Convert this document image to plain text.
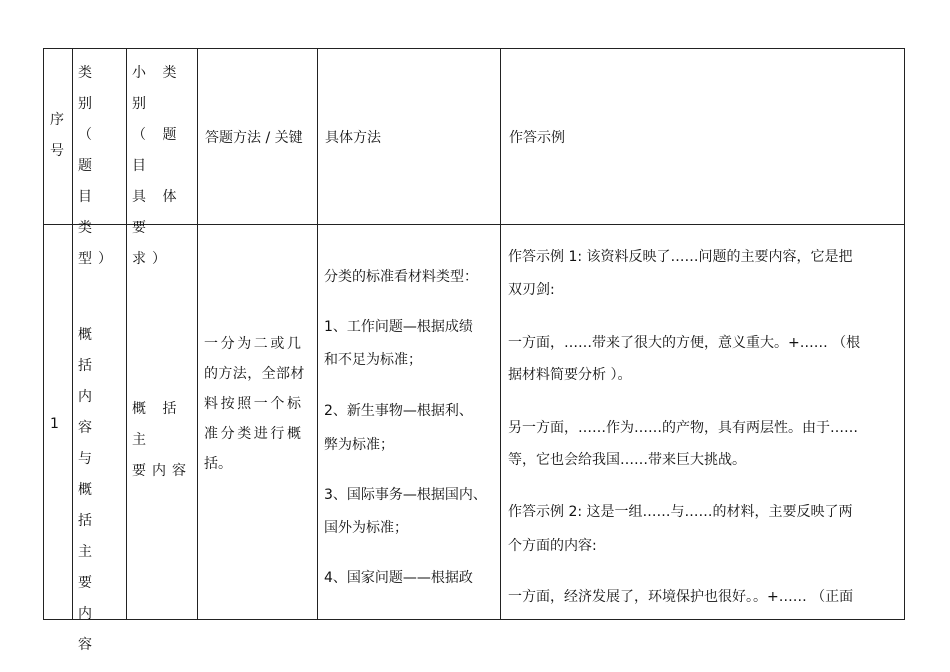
序
号
类 别
（ 题
目 类
型）
小 类 别
（ 题 目
具 体 要
求）
答题方法 / 关键 具体方法	作答示例
1
概 括
内 容
与 概
括 主
要 内
容
概 括 主
要内容
一分为二或几
的方法，全部材
料按照一个标
准分类进行概
括。
分类的标准看材料类型：
1、工作问题—根据成绩
和不足为标准；
2、新生事物—根据利、
弊为标准；
3、国际事务—根据国内、
国外为标准；
4、国家问题——根据政
作答示例 1: 该资料反映了……问题的主要内容，它是把
双刃剑:
一方面，……带来了很大的方便，意义重大。+…… （根
据材料简要分析 ）。
另一方面，……作为……的产物，具有两层性。由于……
等，它也会给我国……带来巨大挑战。
作答示例 2: 这是一组……与……的材料，主要反映了两
个方面的内容:
一方面，经济发展了，环境保护也很好。。+…… （正面
